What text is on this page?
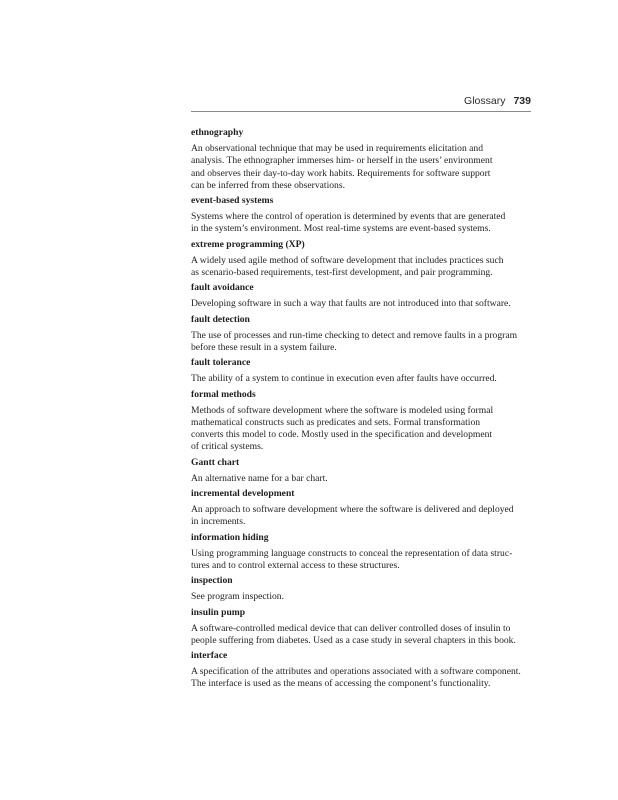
Glossary 739
ethnography
An observational technique that may be used in requirements elicitation and
analysis. The ethnographer immerses him- or herself in the users’ environment
and observes their day-to-day work habits. Requirements for software support
can be inferred from these observations.
event-based systems
Systems where the control of operation is determined by events that are generated
in the system’s environment. Most real-time systems are event-based systems.
extreme programming (XP)
A widely used agile method of software development that includes practices such
as scenario-based requirements, test-first development, and pair programming.
fault avoidance
Developing software in such a way that faults are not introduced into that software.
fault detection
The use of processes and run-time checking to detect and remove faults in a program
before these result in a system failure.
fault tolerance
The ability of a system to continue in execution even after faults have occurred.
formal methods
Methods of software development where the software is modeled using formal
mathematical constructs such as predicates and sets. Formal transformation
converts this model to code. Mostly used in the specification and development
of critical systems.
Gantt chart
An alternative name for a bar chart.
incremental development
An approach to software development where the software is delivered and deployed
in increments.
information hiding
Using programming language constructs to conceal the representation of data struc-
tures and to control external access to these structures.
inspection
See program inspection.
insulin pump
A software-controlled medical device that can deliver controlled doses of insulin to
people suffering from diabetes. Used as a case study in several chapters in this book.
interface
A specification of the attributes and operations associated with a software component.
The interface is used as the means of accessing the component’s functionality.
